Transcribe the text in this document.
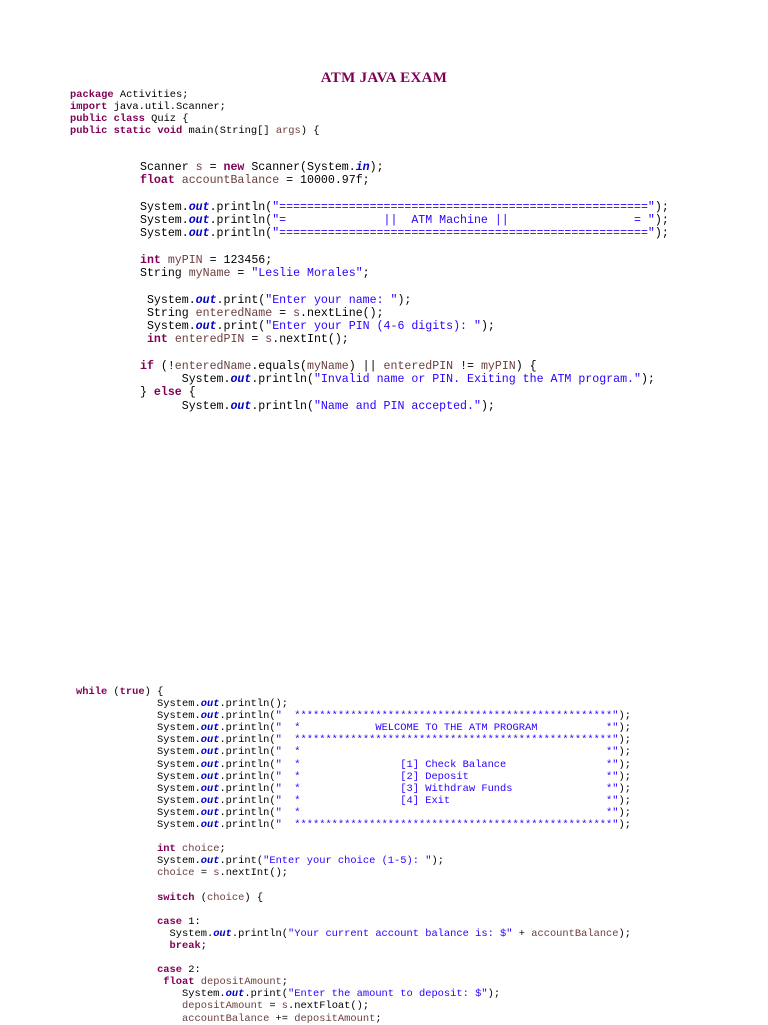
ATM JAVA EXAM
package Activities;
import java.util.Scanner;
public class Quiz {
public static void main(String[] args) {
Scanner s = new Scanner(System.in);
float accountBalance = 10000.97f;

System.out.println("=====================================================");
System.out.println("=              ||  ATM Machine ||                  = ");
System.out.println("=====================================================");

int myPIN = 123456;
String myName = "Leslie Morales";

System.out.print("Enter your name: ");
String enteredName = s.nextLine();
System.out.print("Enter your PIN (4-6 digits): ");
int enteredPIN = s.nextInt();

if (!enteredName.equals(myName) || enteredPIN != myPIN) {
System.out.println("Invalid name or PIN. Exiting the ATM program.");
} else {
System.out.println("Name and PIN accepted.");
while (true) {
System.out.println();
System.out.println("  ***************************************************");
System.out.println("  *            WELCOME TO THE ATM PROGRAM           *");
System.out.println("  ***************************************************");
System.out.println("  *                                                 *");
System.out.println("  *                [1] Check Balance                *");
System.out.println("  *                [2] Deposit                      *");
System.out.println("  *                [3] Withdraw Funds               *");
System.out.println("  *                [4] Exit                         *");
System.out.println("  *                                                 *");
System.out.println("  ***************************************************");

int choice;
System.out.print("Enter your choice (1-5): ");
choice = s.nextInt();

switch (choice) {

case 1:
System.out.println("Your current account balance is: $" + accountBalance);
break;

case 2:
float depositAmount;
System.out.print("Enter the amount to deposit: $");
depositAmount = s.nextFloat();
accountBalance += depositAmount;
